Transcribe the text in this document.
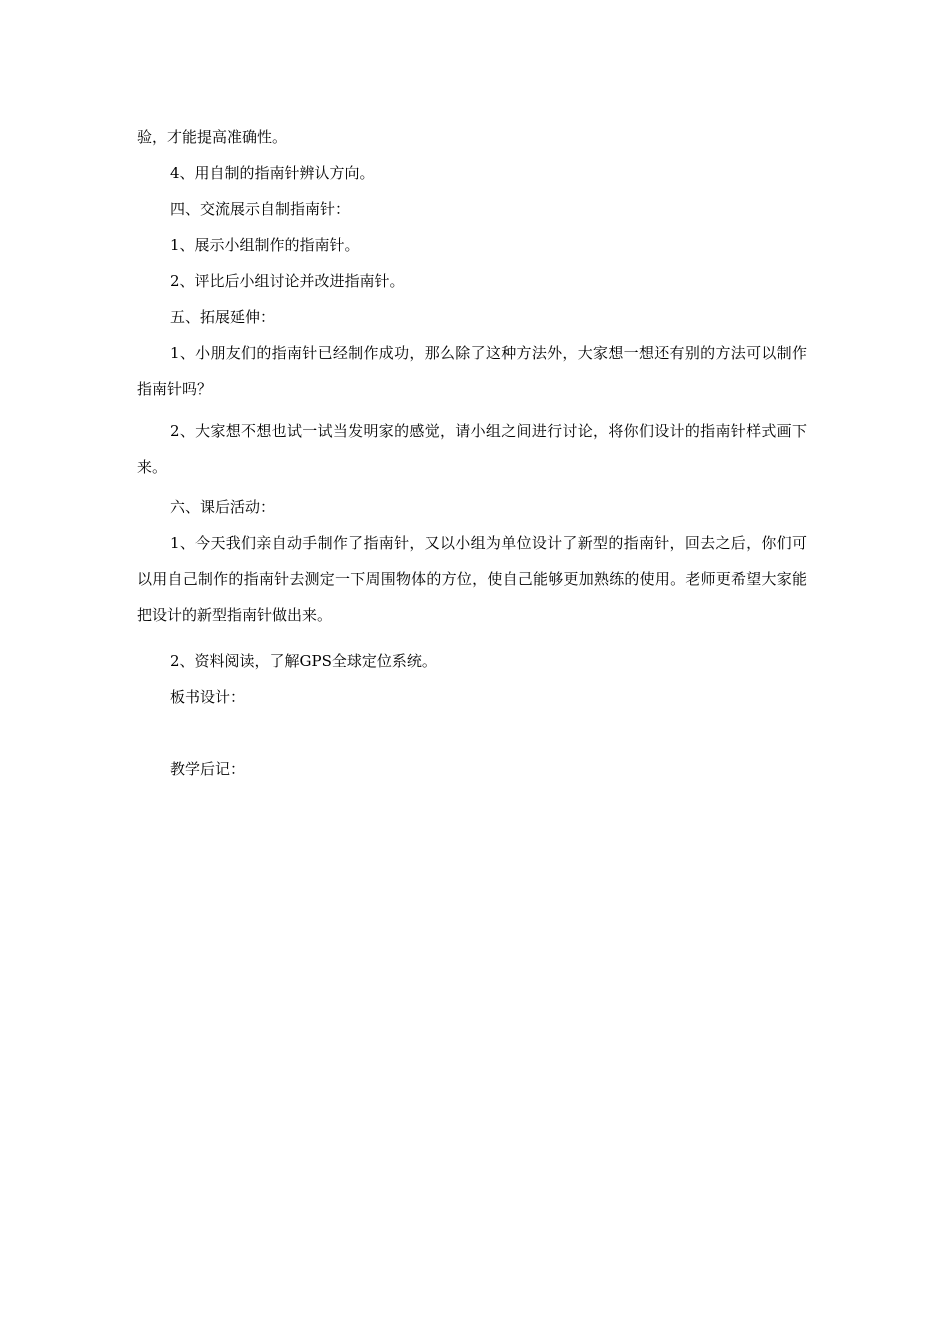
验，才能提高准确性。

4、用自制的指南针辨认方向。

四、交流展示自制指南针：

1、展示小组制作的指南针。

2、评比后小组讨论并改进指南针。

五、拓展延伸：

1、小朋友们的指南针已经制作成功，那么除了这种方法外，大家想一想还有别的方法可以制作指南针吗？

2、大家想不想也试一试当发明家的感觉，请小组之间进行讨论，将你们设计的指南针样式画下来。

六、课后活动：

1、今天我们亲自动手制作了指南针，又以小组为单位设计了新型的指南针，回去之后，你们可以用自己制作的指南针去测定一下周围物体的方位，使自己能够更加熟练的使用。老师更希望大家能把设计的新型指南针做出来。

2、资料阅读，了解GPS全球定位系统。

板书设计：

教学后记：
